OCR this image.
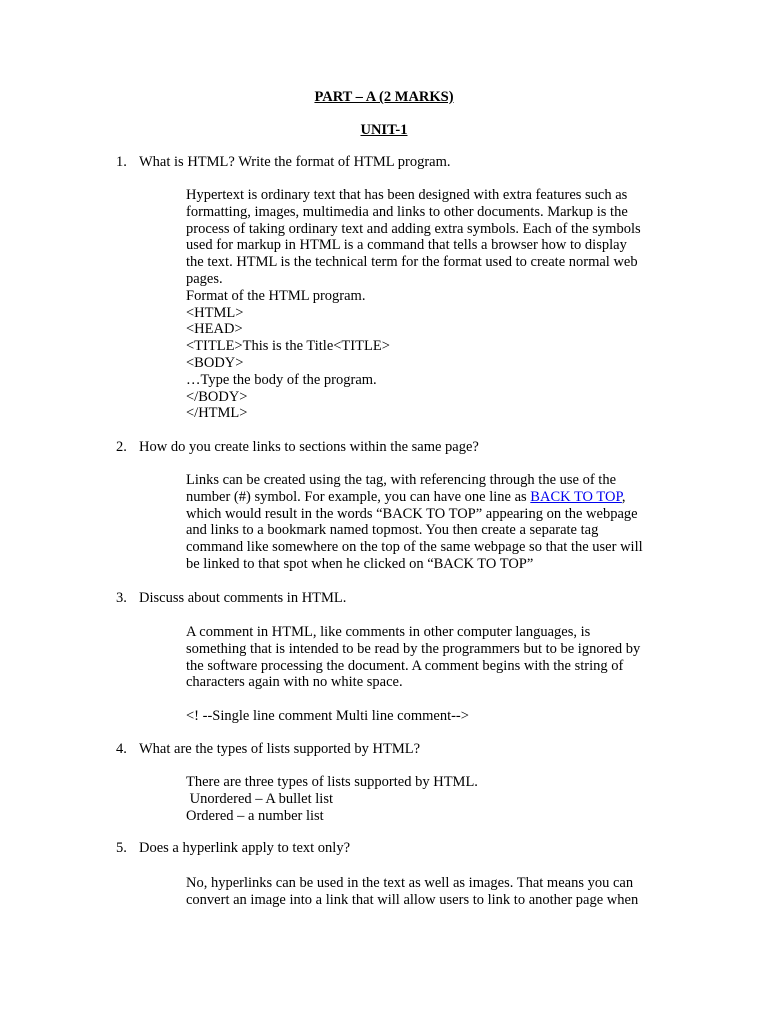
PART – A (2 MARKS)
UNIT-1
1. What is HTML? Write the format of HTML program.
Hypertext is ordinary text that has been designed with extra features such as
formatting, images, multimedia and links to other documents. Markup is the
process of taking ordinary text and adding extra symbols. Each of the symbols
used for markup in HTML is a command that tells a browser how to display
the text. HTML is the technical term for the format used to create normal web
pages.
Format of the HTML program.
<HTML>
<HEAD>
<TITLE>This is the Title<TITLE>
<BODY>
…Type the body of the program.
</BODY>
</HTML>
2. How do you create links to sections within the same page?
Links can be created using the tag, with referencing through the use of the
number (#) symbol. For example, you can have one line as BACK TO TOP,
which would result in the words “BACK TO TOP” appearing on the webpage
and links to a bookmark named topmost. You then create a separate tag
command like somewhere on the top of the same webpage so that the user will
be linked to that spot when he clicked on “BACK TO TOP”
3. Discuss about comments in HTML.
A comment in HTML, like comments in other computer languages, is
something that is intended to be read by the programmers but to be ignored by
the software processing the document. A comment begins with the string of
characters again with no white space.
<! --Single line comment Multi line comment-->
4. What are the types of lists supported by HTML?
There are three types of lists supported by HTML.
Unordered – A bullet list
Ordered – a number list
5. Does a hyperlink apply to text only?
No, hyperlinks can be used in the text as well as images. That means you can
convert an image into a link that will allow users to link to another page when
